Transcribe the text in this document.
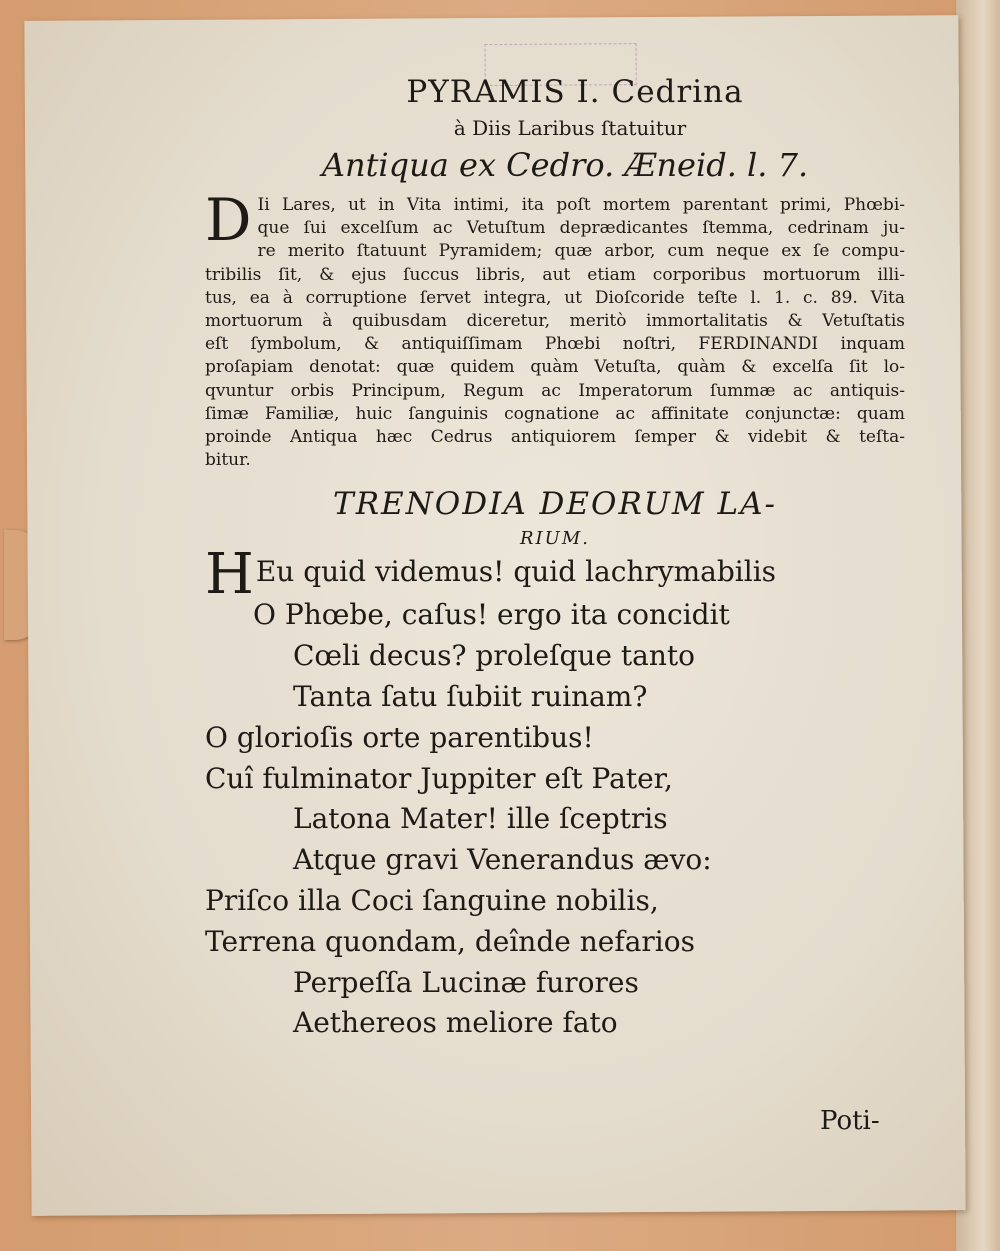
PYRAMIS I. Cedrina

à Diis Laribus ſtatuitur

Antiqua ex Cedro. Æneid. l. 7.

D Ii Lares, ut in Vita intimi, ita poſt mortem parentant primi, Phœbi-
que ſui excelſum ac Vetuſtum deprædicantes ſtemma, cedrinam ju-
re merito ſtatuunt Pyramidem; quæ arbor, cum neque ex ſe compu-
tribilis ſit, & ejus ſuccus libris, aut etiam corporibus mortuorum illi-
tus, ea à corruptione ſervet integra, ut Dioſcoride teſte l. 1. c. 89. Vita
mortuorum à quibusdam diceretur, meritò immortalitatis & Vetuſtatis
eſt ſymbolum, & antiquiſſimam Phœbi noſtri, FERDINANDI inquam
proſapiam denotat: quæ quidem quàm Vetuſta, quàm & excelſa ſit lo-
qvuntur orbis Principum, Regum ac Imperatorum ſummæ ac antiquis-
ſimæ Familiæ, huic ſanguinis cognatione ac affinitate conjunctæ: quam
proinde Antiqua hæc Cedrus antiquiorem ſemper & videbit & teſta-
bitur.

TRENODIA DEORUM LA-

RIUM.

HEu quid videmus! quid lachrymabilis

O Phœbe, caſus! ergo ita concidit

Cœli decus? proleſque tanto

Tanta ſatu ſubiit ruinam?

O glorioſis orte parentibus!

Cuî fulminator Juppiter eſt Pater,

Latona Mater! ille ſceptris

Atque gravi Venerandus ævo:

Priſco illa Coci ſanguine nobilis,

Terrena quondam, deînde nefarios

Perpeſſa Lucinæ furores

Aethereos meliore fato

Poti-
